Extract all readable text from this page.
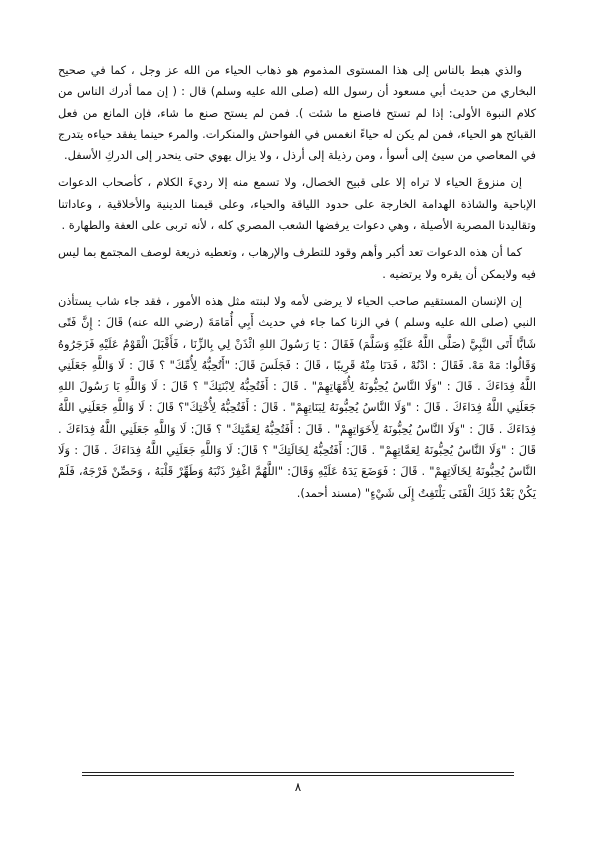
والذي هبط بالناس إلى هذا المستوى المذموم هو ذهاب الحياء من الله عز وجل ، كما في صحيح البخاري من حديث أبي مسعود أن رسول الله (صلى الله عليه وسلم) قال : ( إن مما أدرك الناس من كلام النبوة الأولى: إذا لم تستح فاصنع ما شئت ). فمن لم يستح صنع ما شاء، فإن المانع من فعل القبائح هو الحياء، فمن لم يكن له حياءً انغمس في الفواحش والمنكرات. والمرء حينما يفقد حياءه يتدرج في المعاصي من سيئ إلى أسوأ ، ومن رذيلة إلى أرذل ، ولا يزال يهوي حتى ينحدر إلى الدركِ الأسفل.

إن منزوعَ الحياء لا تراه إلا على قبيح الخصال، ولا تسمع منه إلا رديءَ الكلام ، كأصحاب الدعوات الإباحية والشاذة الهدامة الخارجة على حدود اللياقة والحياء، وعلى قيمنا الدينية والأخلاقية ، وعاداتنا وتقاليدنا المصرية الأصيلة ، وهي دعوات يرفضها الشعب المصري كله ، لأنه تربى على العفة والطهارة .

كما أن هذه الدعوات تعد أكبر وأهم وقود للتطرف والإرهاب ، وتعطيه ذريعة لوصف المجتمع بما ليس فيه ولايمكن أن يقره ولا يرتضيه .

إن الإنسان المستقيم صاحب الحياء لا يرضى لأمه ولا لبنته مثل هذه الأمور ، فقد جاء شاب يستأذن النبي (صلى الله عليه وسلم ) في الزنا كما جاء في حديث أَبِي أُمَامَةَ (رضي الله عنه) قَالَ : إِنَّ فَتًى شَابًّا أَتَى النَّبِيَّ (صَلَّى اللَّهُ عَلَيْهِ وَسَلَّمَ) فَقَالَ : يَا رَسُولَ اللهِ ائْذَنْ لِي بِالزِّنَا ، فَأَقْبَلَ الْقَوْمُ عَلَيْهِ فَزَجَرُوهُ وَقَالُوا: مَهْ مَهْ. فَقَالَ : ادْنُهْ ، فَدَنَا مِنْهُ قَرِيبًا ، قَالَ : فَجَلَسَ قَالَ: "أَتُحِبُّهُ لِأُمِّكَ" ؟ قَالَ : لَا وَاللَّهِ جَعَلَنِي اللَّهُ فِدَاءَكَ . قَالَ : "وَلَا النَّاسُ يُحِبُّونَهُ لِأُمَّهَاتِهِمْ" . قَالَ : أَفَتُحِبُّهُ لِابْنَتِكَ" ؟ قَالَ : لَا وَاللَّهِ يَا رَسُولَ اللهِ جَعَلَنِي اللَّهُ فِدَاءَكَ . قَالَ : "وَلَا النَّاسُ يُحِبُّونَهُ لِبَنَاتِهِمْ" . قَالَ : أَفَتُحِبُّهُ لِأُخْتِكَ"؟ قَالَ : لَا وَاللَّهِ جَعَلَنِي اللَّهُ فِدَاءَكَ . قَالَ : "وَلَا النَّاسُ يُحِبُّونَهُ لِأَخَوَاتِهِمْ" . قَالَ : أَفَتُحِبُّهُ لِعَمَّتِكَ" ؟ قَالَ: لَا وَاللَّهِ جَعَلَنِي اللَّهُ فِدَاءَكَ . قَالَ : "وَلَا النَّاسُ يُحِبُّونَهُ لِعَمَّاتِهِمْ" . قَالَ: أَفَتُحِبُّهُ لِخَالَتِكَ" ؟ قَالَ: لَا وَاللَّهِ جَعَلَنِي اللَّهُ فِدَاءَكَ . قَالَ : وَلَا النَّاسُ يُحِبُّونَهُ لِخَالَاتِهِمْ" . قَالَ : فَوَضَعَ يَدَهُ عَلَيْهِ وَقَالَ: "اللَّهُمَّ اغْفِرْ ذَنْبَهُ وَطَهِّرْ قَلْبَهُ ، وَحَصِّنْ فَرْجَهُ، فَلَمْ يَكُنْ بَعْدُ ذَلِكَ الْفَتَى يَلْتَفِتُ إِلَى شَيْءٍ" (مسند أحمد).

٨
